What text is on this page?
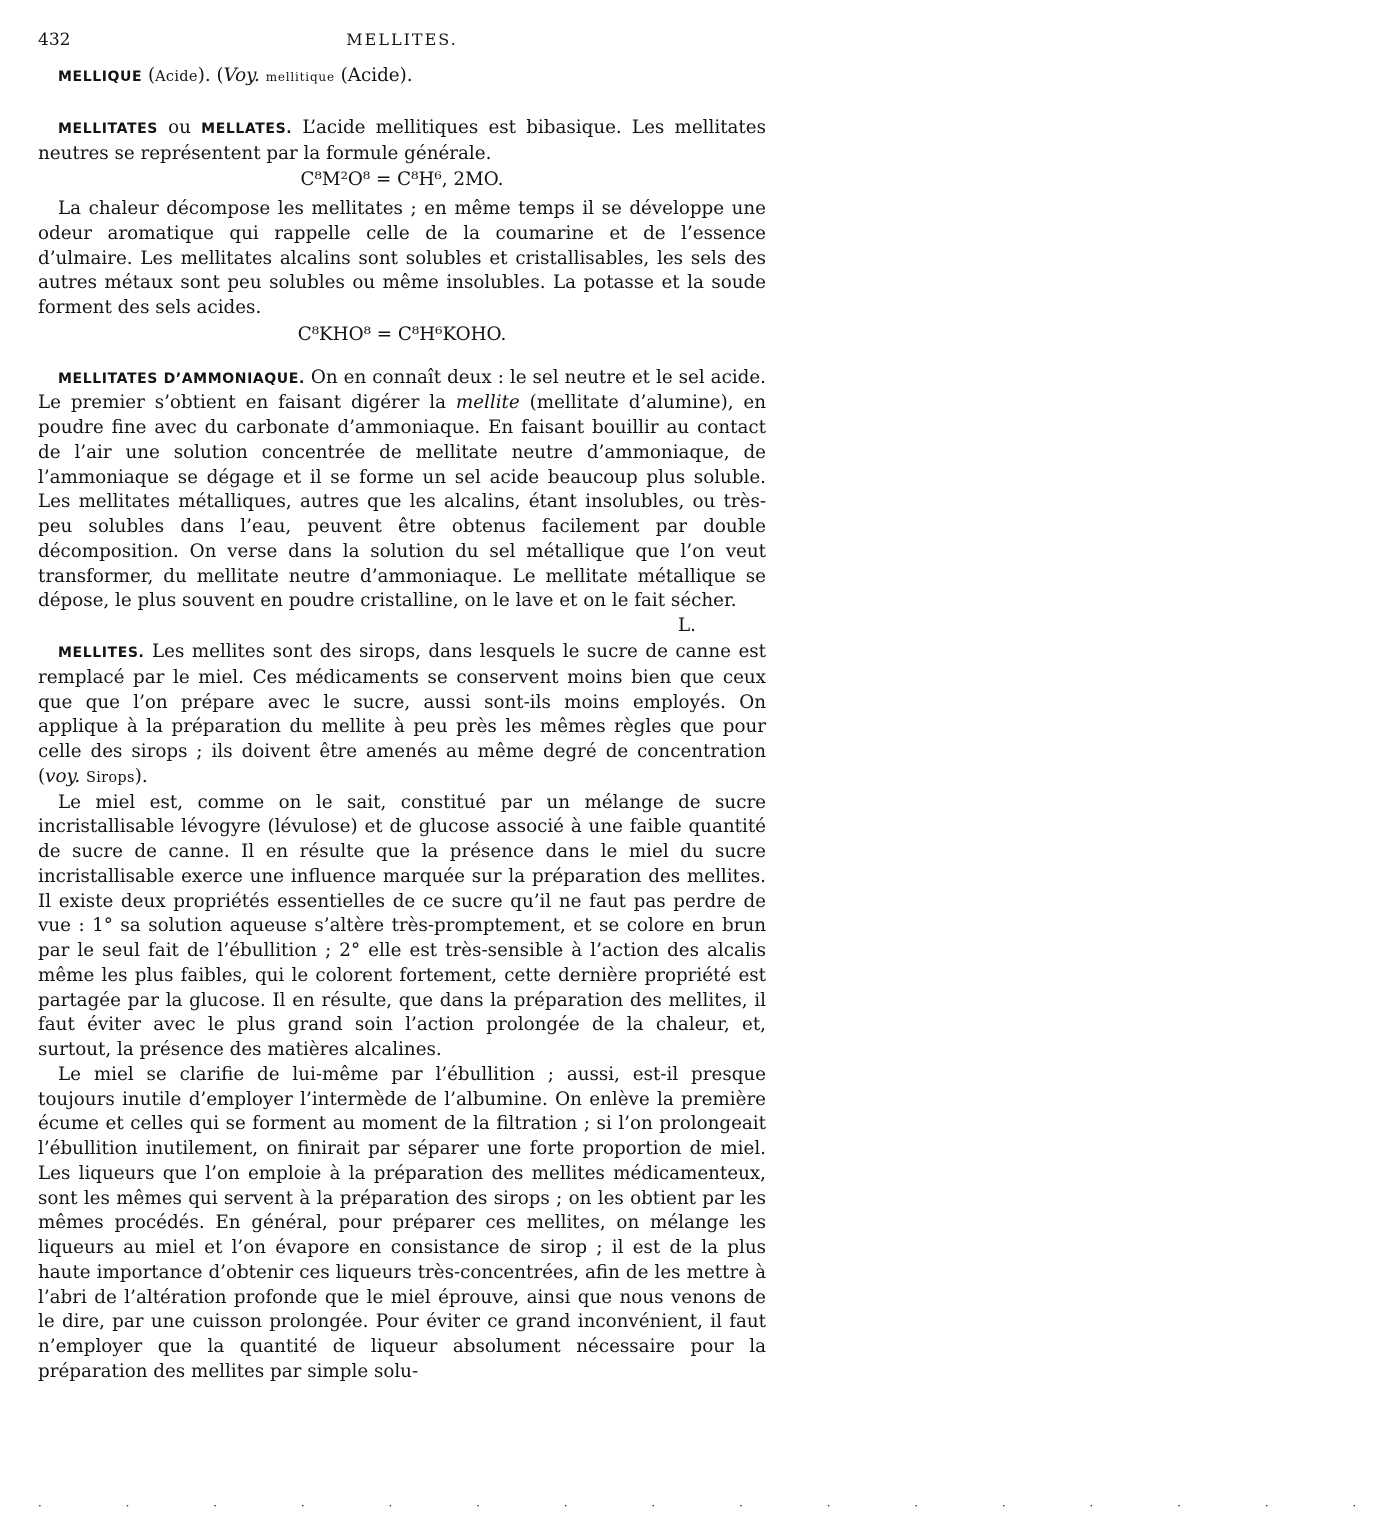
432	MELLITES.

MELLIQUE (Acide). (Voy. mellitique (Acide).

MELLITATES ou MELLATES. L’acide mellitiques est bibasique. Les mellitates neutres se représentent par la formule générale.

C⁸M²O⁸ = C⁸H⁶, 2MO.

La chaleur décompose les mellitates ; en même temps il se développe une odeur aromatique qui rappelle celle de la coumarine et de l’essence d’ulmaire. Les mellitates alcalins sont solubles et cristallisables, les sels des autres métaux sont peu solubles ou même insolubles. La potasse et la soude forment des sels acides.

C⁸KHO⁸ = C⁸H⁶KOHO.

MELLITATES D’AMMONIAQUE. On en connaît deux : le sel neutre et le sel acide. Le premier s’obtient en faisant digérer la mellite (mellitate d’alumine), en poudre fine avec du carbonate d’ammoniaque. En faisant bouillir au contact de l’air une solution concentrée de mellitate neutre d’ammoniaque, de l’ammoniaque se dégage et il se forme un sel acide beaucoup plus soluble. Les mellitates métalliques, autres que les alcalins, étant insolubles, ou très-peu solubles dans l’eau, peuvent être obtenus facilement par double décomposition. On verse dans la solution du sel métallique que l’on veut transformer, du mellitate neutre d’ammoniaque. Le mellitate métallique se dépose, le plus souvent en poudre cristalline, on le lave et on le fait sécher.
L.

MELLITES. Les mellites sont des sirops, dans lesquels le sucre de canne est remplacé par le miel. Ces médicaments se conservent moins bien que ceux que que l’on prépare avec le sucre, aussi sont-ils moins employés. On applique à la préparation du mellite à peu près les mêmes règles que pour celle des sirops ; ils doivent être amenés au même degré de concentration (voy. Sirops).

Le miel est, comme on le sait, constitué par un mélange de sucre incristallisable lévogyre (lévulose) et de glucose associé à une faible quantité de sucre de canne. Il en résulte que la présence dans le miel du sucre incristallisable exerce une influence marquée sur la préparation des mellites. Il existe deux propriétés essentielles de ce sucre qu’il ne faut pas perdre de vue : 1° sa solution aqueuse s’altère très-promptement, et se colore en brun par le seul fait de l’ébullition ; 2° elle est très-sensible à l’action des alcalis même les plus faibles, qui le colorent fortement, cette dernière propriété est partagée par la glucose. Il en résulte, que dans la préparation des mellites, il faut éviter avec le plus grand soin l’action prolongée de la chaleur, et, surtout, la présence des matières alcalines.

Le miel se clarifie de lui-même par l’ébullition ; aussi, est-il presque toujours inutile d’employer l’intermède de l’albumine. On enlève la première écume et celles qui se forment au moment de la filtration ; si l’on prolongeait l’ébullition inutilement, on finirait par séparer une forte proportion de miel. Les liqueurs que l’on emploie à la préparation des mellites médicamenteux, sont les mêmes qui servent à la préparation des sirops ; on les obtient par les mêmes procédés. En général, pour préparer ces mellites, on mélange les liqueurs au miel et l’on évapore en consistance de sirop ; il est de la plus haute importance d’obtenir ces liqueurs très-concentrées, afin de les mettre à l’abri de l’altération profonde que le miel éprouve, ainsi que nous venons de le dire, par une cuisson prolongée. Pour éviter ce grand inconvénient, il faut n’employer que la quantité de liqueur absolument nécessaire pour la préparation des mellites par simple solu-

· · · · · · · · · · · · · · · ·
